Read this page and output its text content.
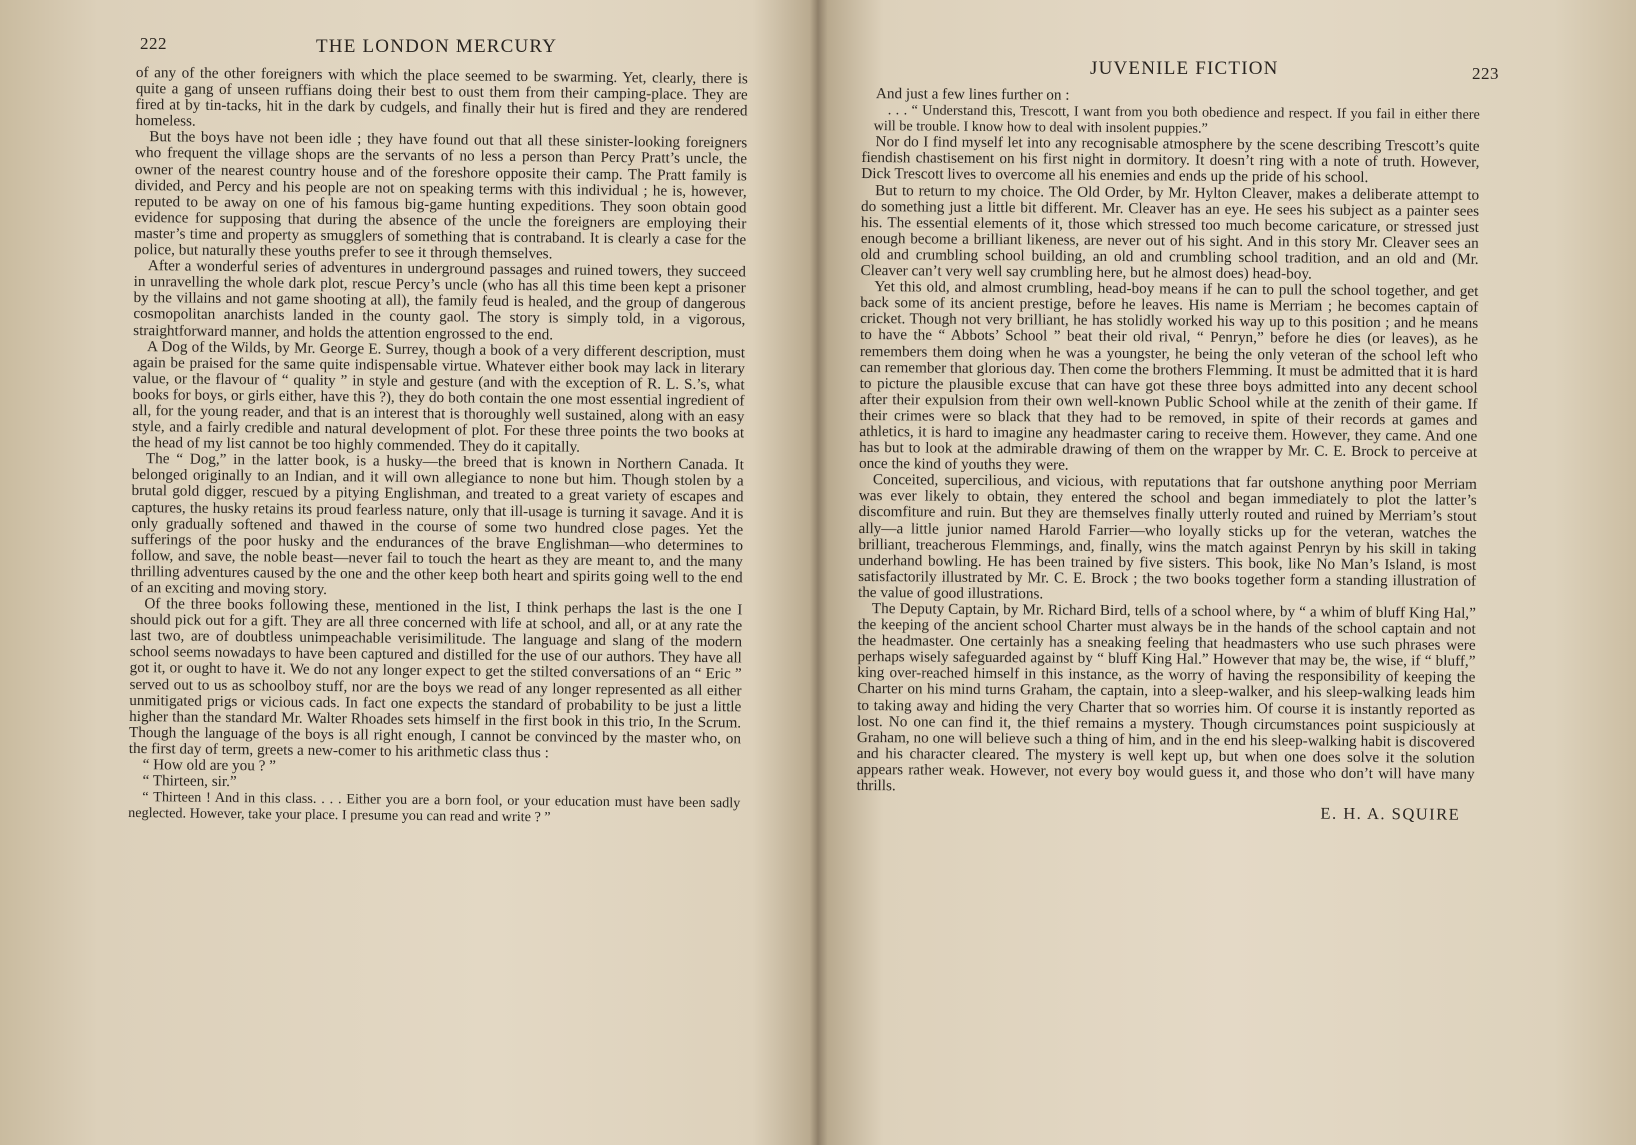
222	THE LONDON MERCURY

of any of the other foreigners with which the place seemed to be swarming. Yet, clearly, there is quite a gang of unseen ruffians doing their best to oust them from their camping-place. They are fired at by tin-tacks, hit in the dark by cudgels, and finally their hut is fired and they are rendered homeless.

But the boys have not been idle ; they have found out that all these sinister-looking foreigners who frequent the village shops are the servants of no less a person than Percy Pratt’s uncle, the owner of the nearest country house and of the foreshore opposite their camp. The Pratt family is divided, and Percy and his people are not on speaking terms with this individual ; he is, however, reputed to be away on one of his famous big-game hunting expeditions. They soon obtain good evidence for supposing that during the absence of the uncle the foreigners are employing their master’s time and property as smugglers of something that is contraband. It is clearly a case for the police, but naturally these youths prefer to see it through themselves.

After a wonderful series of adventures in underground passages and ruined towers, they succeed in unravelling the whole dark plot, rescue Percy’s uncle (who has all this time been kept a prisoner by the villains and not game shooting at all), the family feud is healed, and the group of dangerous cosmopolitan anarchists landed in the county gaol. The story is simply told, in a vigorous, straightforward manner, and holds the attention engrossed to the end.

A Dog of the Wilds, by Mr. George E. Surrey, though a book of a very different description, must again be praised for the same quite indispensable virtue. Whatever either book may lack in literary value, or the flavour of “ quality ” in style and gesture (and with the exception of R. L. S.’s, what books for boys, or girls either, have this ?), they do both contain the one most essential ingredient of all, for the young reader, and that is an interest that is thoroughly well sustained, along with an easy style, and a fairly credible and natural development of plot. For these three points the two books at the head of my list cannot be too highly commended. They do it capitally.

The “ Dog,” in the latter book, is a husky—the breed that is known in Northern Canada. It belonged originally to an Indian, and it will own allegiance to none but him. Though stolen by a brutal gold digger, rescued by a pitying Englishman, and treated to a great variety of escapes and captures, the husky retains its proud fearless nature, only that ill-usage is turning it savage. And it is only gradually softened and thawed in the course of some two hundred close pages. Yet the sufferings of the poor husky and the endurances of the brave Englishman—who determines to follow, and save, the noble beast—never fail to touch the heart as they are meant to, and the many thrilling adventures caused by the one and the other keep both heart and spirits going well to the end of an exciting and moving story.

Of the three books following these, mentioned in the list, I think perhaps the last is the one I should pick out for a gift. They are all three concerned with life at school, and all, or at any rate the last two, are of doubtless unimpeachable verisimilitude. The language and slang of the modern school seems nowadays to have been captured and distilled for the use of our authors. They have all got it, or ought to have it. We do not any longer expect to get the stilted conversations of an “ Eric ” served out to us as schoolboy stuff, nor are the boys we read of any longer represented as all either unmitigated prigs or vicious cads. In fact one expects the standard of probability to be just a little higher than the standard Mr. Walter Rhoades sets himself in the first book in this trio, In the Scrum. Though the language of the boys is all right enough, I cannot be convinced by the master who, on the first day of term, greets a new-comer to his arithmetic class thus :

“ How old are you ? ”

“ Thirteen, sir.”

“ Thirteen ! And in this class. . . . Either you are a born fool, or your education must have been sadly neglected. However, take your place. I presume you can read and write ? ”

JUVENILE FICTION	223

And just a few lines further on :

. . . “ Understand this, Trescott, I want from you both obedience and respect. If you fail in either there will be trouble. I know how to deal with insolent puppies.”

Nor do I find myself let into any recognisable atmosphere by the scene describing Trescott’s quite fiendish chastisement on his first night in dormitory. It doesn’t ring with a note of truth. However, Dick Trescott lives to overcome all his enemies and ends up the pride of his school.

But to return to my choice. The Old Order, by Mr. Hylton Cleaver, makes a deliberate attempt to do something just a little bit different. Mr. Cleaver has an eye. He sees his subject as a painter sees his. The essential elements of it, those which stressed too much become caricature, or stressed just enough become a brilliant likeness, are never out of his sight. And in this story Mr. Cleaver sees an old and crumbling school building, an old and crumbling school tradition, and an old and (Mr. Cleaver can’t very well say crumbling here, but he almost does) head-boy.

Yet this old, and almost crumbling, head-boy means if he can to pull the school together, and get back some of its ancient prestige, before he leaves. His name is Merriam ; he becomes captain of cricket. Though not very brilliant, he has stolidly worked his way up to this position ; and he means to have the “ Abbots’ School ” beat their old rival, “ Penryn,” before he dies (or leaves), as he remembers them doing when he was a youngster, he being the only veteran of the school left who can remember that glorious day. Then come the brothers Flemming. It must be admitted that it is hard to picture the plausible excuse that can have got these three boys admitted into any decent school after their expulsion from their own well-known Public School while at the zenith of their game. If their crimes were so black that they had to be removed, in spite of their records at games and athletics, it is hard to imagine any headmaster caring to receive them. However, they came. And one has but to look at the admirable drawing of them on the wrapper by Mr. C. E. Brock to perceive at once the kind of youths they were.

Conceited, supercilious, and vicious, with reputations that far outshone anything poor Merriam was ever likely to obtain, they entered the school and began immediately to plot the latter’s discomfiture and ruin. But they are themselves finally utterly routed and ruined by Merriam’s stout ally—a little junior named Harold Farrier—who loyally sticks up for the veteran, watches the brilliant, treacherous Flemmings, and, finally, wins the match against Penryn by his skill in taking underhand bowling. He has been trained by five sisters. This book, like No Man’s Island, is most satisfactorily illustrated by Mr. C. E. Brock ; the two books together form a standing illustration of the value of good illustrations.

The Deputy Captain, by Mr. Richard Bird, tells of a school where, by “ a whim of bluff King Hal,” the keeping of the ancient school Charter must always be in the hands of the school captain and not the headmaster. One certainly has a sneaking feeling that headmasters who use such phrases were perhaps wisely safeguarded against by “ bluff King Hal.” However that may be, the wise, if “ bluff,” king over-reached himself in this instance, as the worry of having the responsibility of keeping the Charter on his mind turns Graham, the captain, into a sleep-walker, and his sleep-walking leads him to taking away and hiding the very Charter that so worries him. Of course it is instantly reported as lost. No one can find it, the thief remains a mystery. Though circumstances point suspiciously at Graham, no one will believe such a thing of him, and in the end his sleep-walking habit is discovered and his character cleared. The mystery is well kept up, but when one does solve it the solution appears rather weak. However, not every boy would guess it, and those who don’t will have many thrills.

E. H. A. SQUIRE
